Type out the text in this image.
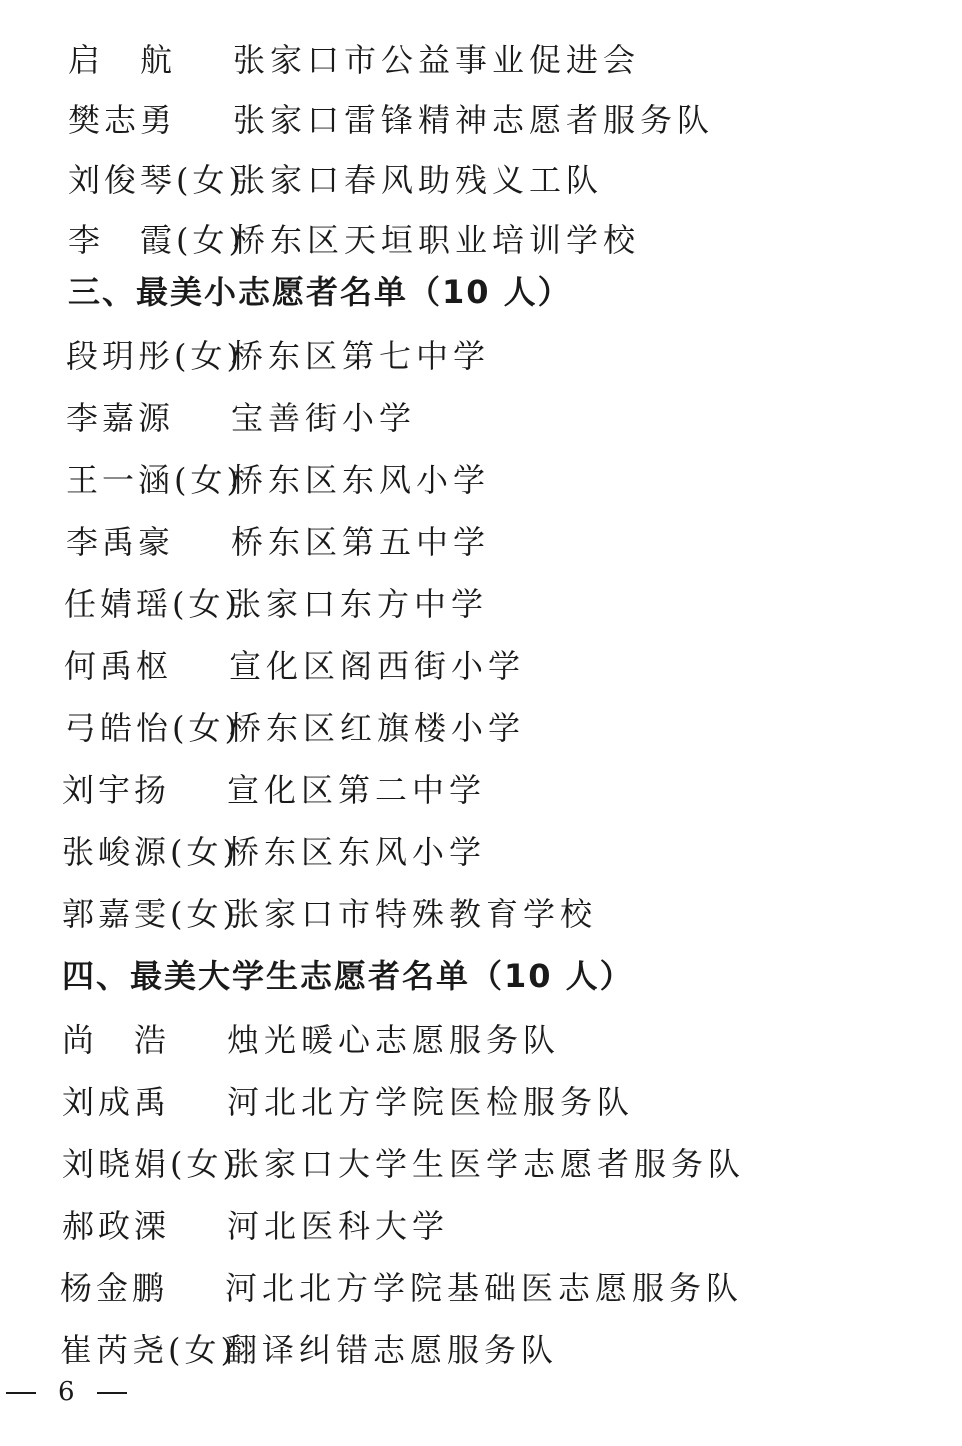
启　航 张家口市公益事业促进会
樊志勇 张家口雷锋精神志愿者服务队
刘俊琴(女)
张家口春风助残义工队
李　霞(女)
桥东区天垣职业培训学校
三、最美小志愿者名单（10 人）
段玥彤(女)
桥东区第七中学
李嘉源 宝善街小学
王一涵(女)
桥东区东风小学
李禹豪 桥东区第五中学
任婧瑶(女)
张家口东方中学
何禹枢 宣化区阁西街小学
弓皓怡(女)
桥东区红旗楼小学
刘宇扬 宣化区第二中学
张峻源(女)
桥东区东风小学
郭嘉雯(女)
张家口市特殊教育学校
四、最美大学生志愿者名单（10 人）
尚　浩 烛光暖心志愿服务队
刘成禹 河北北方学院医检服务队
刘晓娟(女)
张家口大学生医学志愿者服务队
郝政溧 河北医科大学
杨金鹏 河北北方学院基础医志愿服务队
崔芮尧(女)
翻译纠错志愿服务队
6
